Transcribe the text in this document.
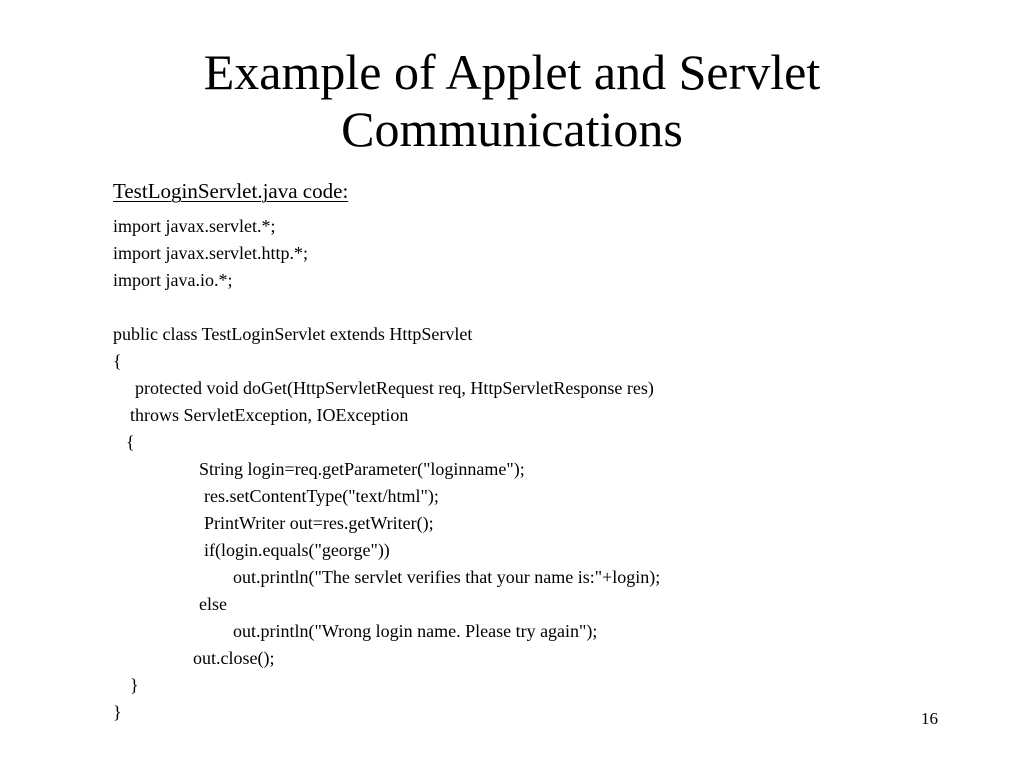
Example of Applet and Servlet
Communications
TestLoginServlet.java code:
import javax.servlet.*;
import javax.servlet.http.*;
import java.io.*;
public class TestLoginServlet extends HttpServlet
{
protected void doGet(HttpServletRequest req, HttpServletResponse res)
throws ServletException, IOException
{
String login=req.getParameter("loginname");
res.setContentType("text/html");
PrintWriter out=res.getWriter();
if(login.equals("george"))
out.println("The servlet verifies that your name is:"+login);
else
out.println("Wrong login name. Please try again");
out.close();
}
}	16
